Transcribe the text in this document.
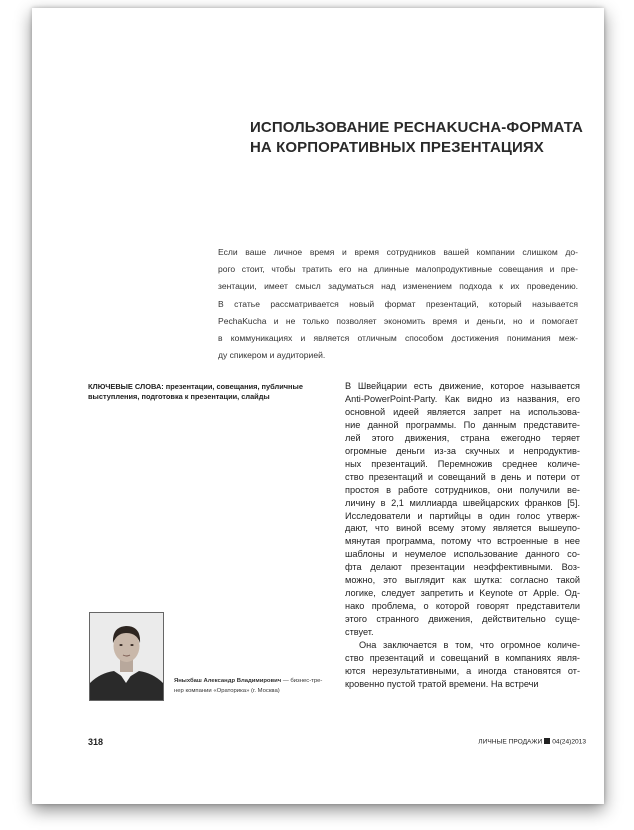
ИСПОЛЬЗОВАНИЕ PECHAKUCHA-ФОРМАТА
НА КОРПОРАТИВНЫХ ПРЕЗЕНТАЦИЯХ
Если ваше личное время и время сотрудников вашей компании слишком до-
рого стоит, чтобы тратить его на длинные малопродуктивные совещания и пре-
зентации, имеет смысл задуматься над изменением подхода к их проведению.
В статье рассматривается новый формат презентаций, который называется
PechaKucha и не только позволяет экономить время и деньги, но и помогает
в коммуникациях и является отличным способом достижения понимания меж-
ду спикером и аудиторией.
КЛЮЧЕВЫЕ СЛОВА: презентации, совещания, публичные
выступления, подготовка к презентации, слайды
В Швейцарии есть движение, которое называется
Anti-PowerPoint-Party. Как видно из названия, его
основной идеей является запрет на использова-
ние данной программы. По данным представите-
лей этого движения, страна ежегодно теряет
огромные деньги из-за скучных и непродуктив-
ных презентаций. Перемножив среднее количе-
ство презентаций и совещаний в день и потери от
простоя в работе сотрудников, они получили ве-
личину в 2,1 миллиарда швейцарских франков [5].
Исследователи и партийцы в один голос утверж-
дают, что виной всему этому является вышеупо-
мянутая программа, потому что встроенные в нее
шаблоны и неумелое использование данного со-
фта делают презентации неэффективными. Воз-
можно, это выглядит как шутка: согласно такой
логике, следует запретить и Keynote от Apple. Од-
нако проблема, о которой говорят представители
этого странного движения, действительно суще-
ствует.
Она заключается в том, что огромное количе-
ство презентаций и совещаний в компаниях явля-
ются нерезультативными, а иногда становятся от-
кровенно пустой тратой времени. На встречи
Яныхбаш Александр Владимирович — бизнес-тре-
нер компании «Ораторика» (г. Москва)
318	ЛИЧНЫЕ ПРОДАЖИ 04(24)2013
